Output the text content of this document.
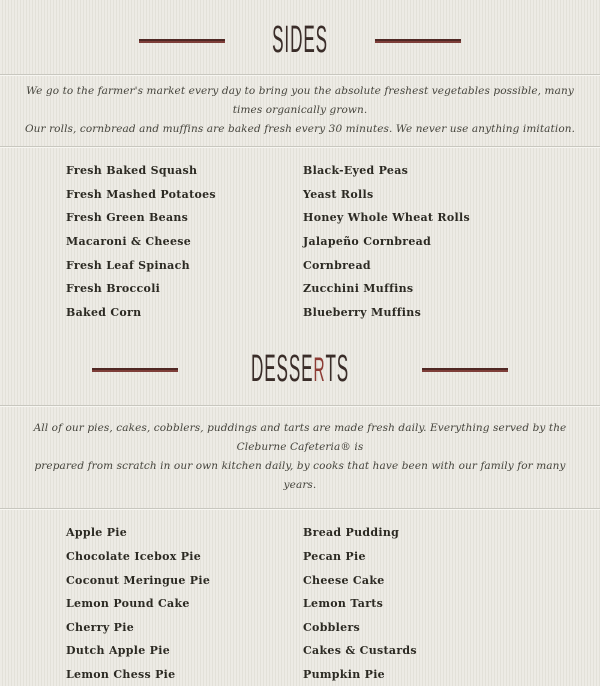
SIDES

We go to the farmer's market every day to bring you the absolute freshest vegetables possible, many times organically grown.
Our rolls, cornbread and muffins are baked fresh every 30 minutes. We never use anything imitation.

Fresh Baked Squash
Fresh Mashed Potatoes
Fresh Green Beans
Macaroni & Cheese
Fresh Leaf Spinach
Fresh Broccoli
Baked Corn
Black-Eyed Peas
Yeast Rolls
Honey Whole Wheat Rolls
Jalapeño Cornbread
Cornbread
Zucchini Muffins
Blueberry Muffins
DESSERTS

All of our pies, cakes, cobblers, puddings and tarts are made fresh daily. Everything served by the Cleburne Cafeteria® is
prepared from scratch in our own kitchen daily, by cooks that have been with our family for many years.

Apple Pie
Chocolate Icebox Pie
Coconut Meringue Pie
Lemon Pound Cake
Cherry Pie
Dutch Apple Pie
Lemon Chess Pie
Bread Pudding
Pecan Pie
Cheese Cake
Lemon Tarts
Cobblers
Cakes & Custards
Pumpkin Pie
